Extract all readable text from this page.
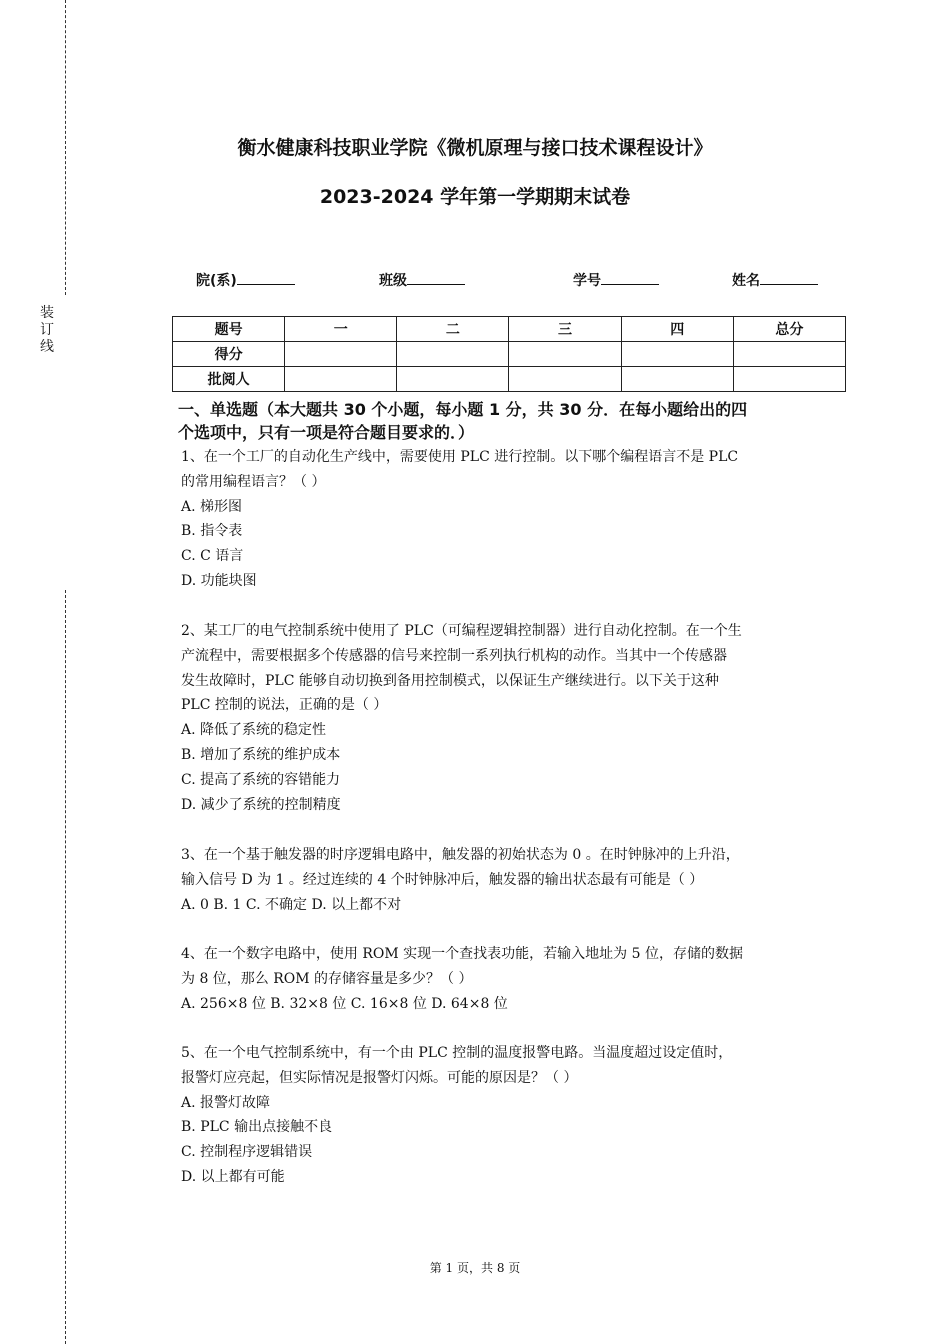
装
订
线
衡水健康科技职业学院《微机原理与接口技术课程设计》
2023-2024 学年第一学期期末试卷
院(系)	班级	学号	姓名
题号	一	二	三	四	总分
得分					
批阅人					
一、单选题（本大题共 30 个小题，每小题 1 分，共 30 分．在每小题给出的四
个选项中，只有一项是符合题目要求的．）
1、在一个工厂的自动化生产线中，需要使用 PLC 进行控制。以下哪个编程语言不是 PLC
的常用编程语言？（ ）
A. 梯形图
B. 指令表
C. C 语言
D. 功能块图
2、某工厂的电气控制系统中使用了 PLC（可编程逻辑控制器）进行自动化控制。在一个生
产流程中，需要根据多个传感器的信号来控制一系列执行机构的动作。当其中一个传感器
发生故障时，PLC 能够自动切换到备用控制模式，以保证生产继续进行。以下关于这种
PLC 控制的说法，正确的是（ ）
A. 降低了系统的稳定性
B. 增加了系统的维护成本
C. 提高了系统的容错能力
D. 减少了系统的控制精度
3、在一个基于触发器的时序逻辑电路中，触发器的初始状态为 0 。在时钟脉冲的上升沿，
输入信号 D 为 1 。经过连续的 4 个时钟脉冲后，触发器的输出状态最有可能是（ ）
A. 0 B. 1 C. 不确定 D. 以上都不对
4、在一个数字电路中，使用 ROM 实现一个查找表功能，若输入地址为 5 位，存储的数据
为 8 位，那么 ROM 的存储容量是多少？（ ）
A. 256×8 位 B. 32×8 位 C. 16×8 位 D. 64×8 位
5、在一个电气控制系统中，有一个由 PLC 控制的温度报警电路。当温度超过设定值时，
报警灯应亮起，但实际情况是报警灯闪烁。可能的原因是？（ ）
A. 报警灯故障
B. PLC 输出点接触不良
C. 控制程序逻辑错误
D. 以上都有可能
第 1 页，共 8 页
